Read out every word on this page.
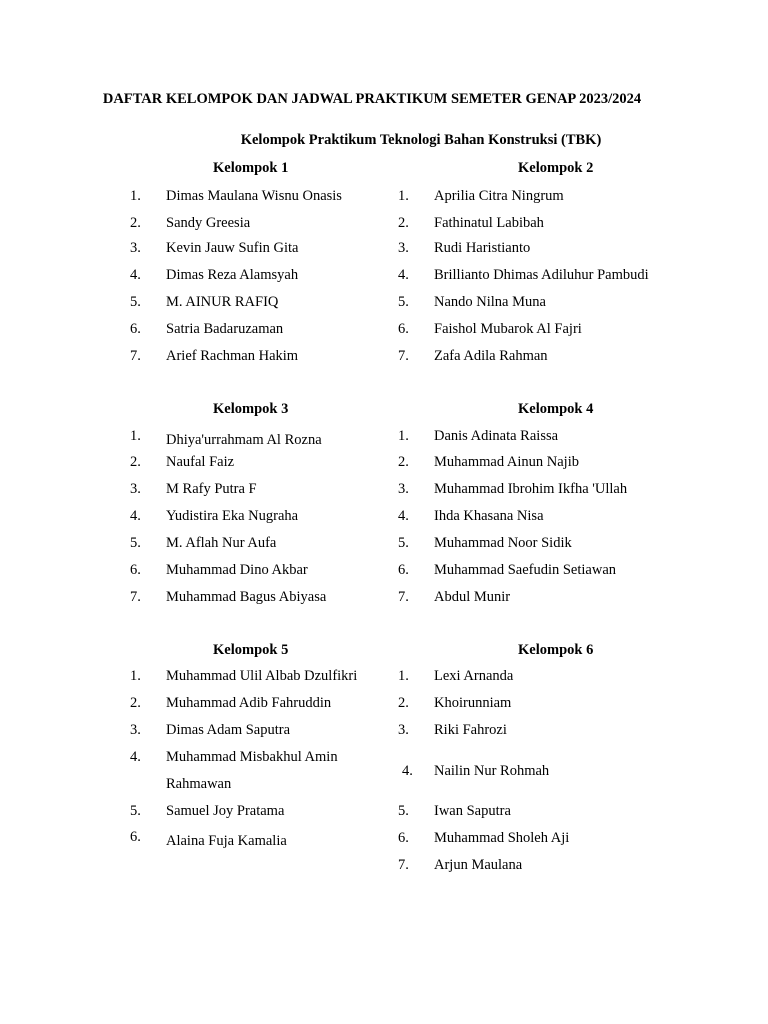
DAFTAR KELOMPOK DAN JADWAL PRAKTIKUM SEMETER GENAP 2023/2024
Kelompok Praktikum Teknologi Bahan Konstruksi (TBK)
Kelompok 1
1. Dimas Maulana Wisnu Onasis
2. Sandy Greesia
3. Kevin Jauw Sufin Gita
4. Dimas Reza Alamsyah
5. M. AINUR RAFIQ
6. Satria Badaruzaman
7. Arief Rachman Hakim
Kelompok 2
1. Aprilia Citra Ningrum
2. Fathinatul Labibah
3. Rudi Haristianto
4. Brillianto Dhimas Adiluhur Pambudi
5. Nando Nilna Muna
6. Faishol Mubarok Al Fajri
7. Zafa Adila Rahman
Kelompok 3
1. Dhiya'urrahmam Al Rozna
2. Naufal Faiz
3. M Rafy Putra F
4. Yudistira Eka Nugraha
5. M. Aflah Nur Aufa
6. Muhammad Dino Akbar
7. Muhammad Bagus Abiyasa
Kelompok 4
1. Danis Adinata Raissa
2. Muhammad Ainun Najib
3. Muhammad Ibrohim Ikfha 'Ullah
4. Ihda Khasana Nisa
5. Muhammad Noor Sidik
6. Muhammad Saefudin Setiawan
7. Abdul Munir
Kelompok 5
1. Muhammad Ulil Albab Dzulfikri
2. Muhammad Adib Fahruddin
3. Dimas Adam Saputra
4. Muhammad Misbakhul Amin
Rahmawan
5. Samuel Joy Pratama
6. Alaina Fuja Kamalia
Kelompok 6
1. Lexi Arnanda
2. Khoirunniam
3. Riki Fahrozi
4. Nailin Nur Rohmah
5. Iwan Saputra
6. Muhammad Sholeh Aji
7. Arjun Maulana
